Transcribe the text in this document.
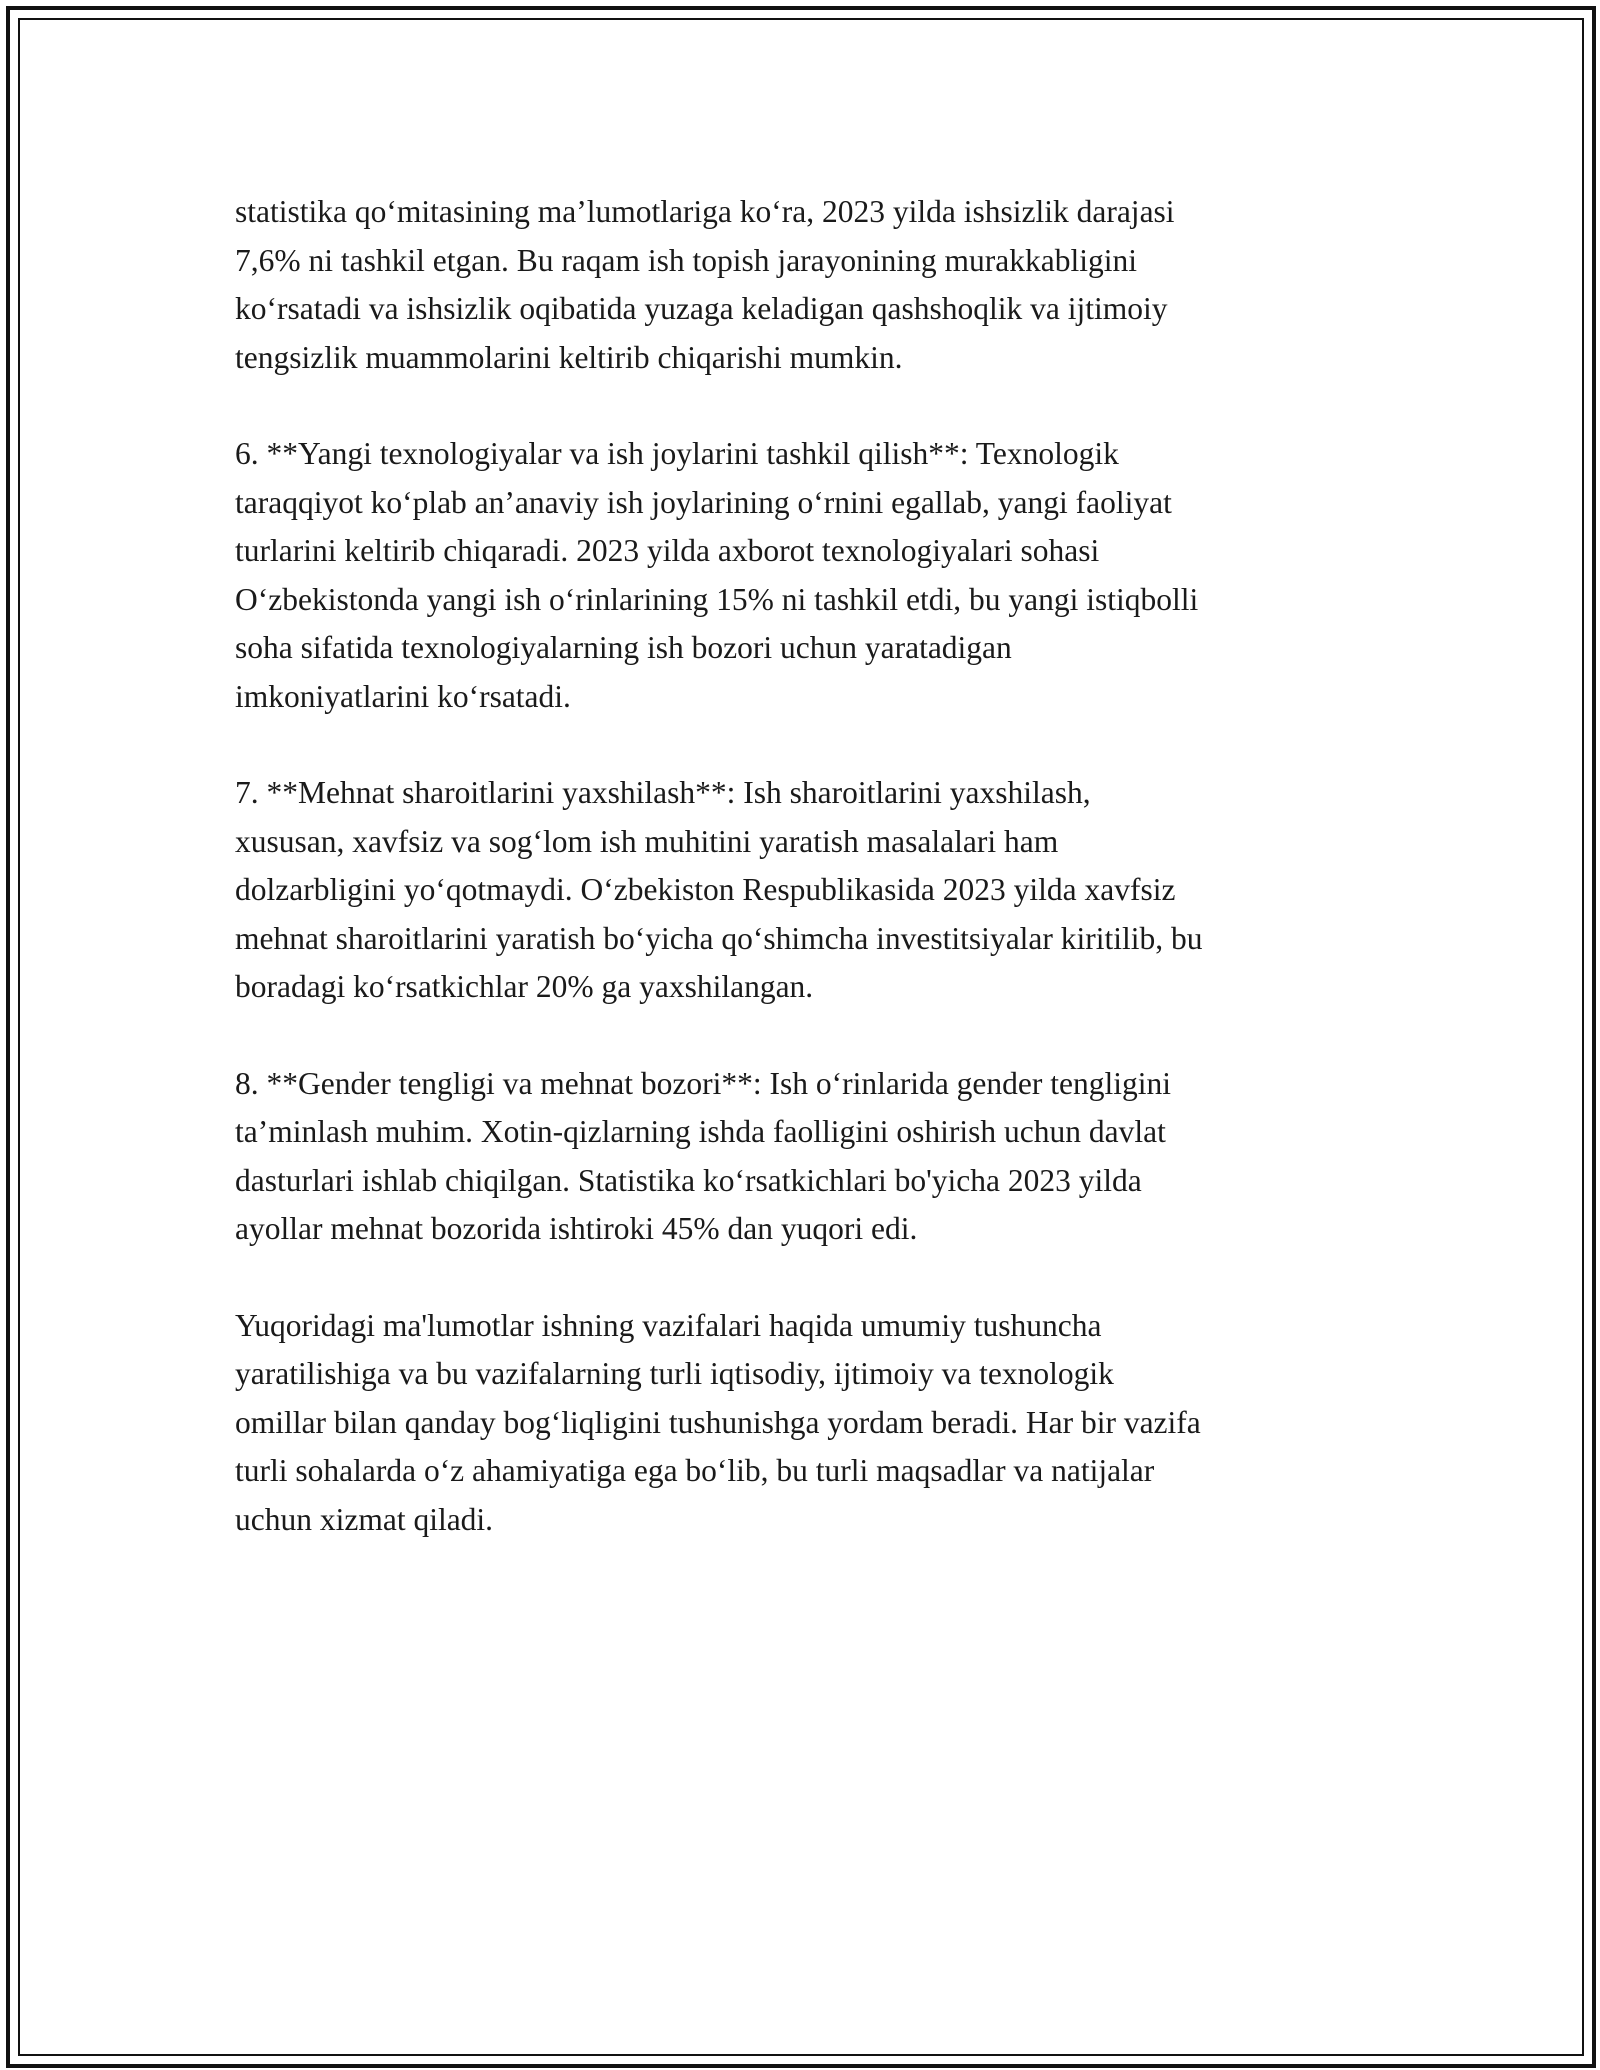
statistika qo‘mitasining ma’lumotlariga ko‘ra, 2023 yilda ishsizlik darajasi
7,6% ni tashkil etgan. Bu raqam ish topish jarayonining murakkabligini
ko‘rsatadi va ishsizlik oqibatida yuzaga keladigan qashshoqlik va ijtimoiy
tengsizlik muammolarini keltirib chiqarishi mumkin.

6. **Yangi texnologiyalar va ish joylarini tashkil qilish**: Texnologik
taraqqiyot ko‘plab an’anaviy ish joylarining o‘rnini egallab, yangi faoliyat
turlarini keltirib chiqaradi. 2023 yilda axborot texnologiyalari sohasi
O‘zbekistonda yangi ish o‘rinlarining 15% ni tashkil etdi, bu yangi istiqbolli
soha sifatida texnologiyalarning ish bozori uchun yaratadigan
imkoniyatlarini ko‘rsatadi.

7. **Mehnat sharoitlarini yaxshilash**: Ish sharoitlarini yaxshilash,
xususan, xavfsiz va sog‘lom ish muhitini yaratish masalalari ham
dolzarbligini yo‘qotmaydi. O‘zbekiston Respublikasida 2023 yilda xavfsiz
mehnat sharoitlarini yaratish bo‘yicha qo‘shimcha investitsiyalar kiritilib, bu
boradagi ko‘rsatkichlar 20% ga yaxshilangan.

8. **Gender tengligi va mehnat bozori**: Ish o‘rinlarida gender tengligini
ta’minlash muhim. Xotin-qizlarning ishda faolligini oshirish uchun davlat
dasturlari ishlab chiqilgan. Statistika ko‘rsatkichlari bo'yicha 2023 yilda
ayollar mehnat bozorida ishtiroki 45% dan yuqori edi.

Yuqoridagi ma'lumotlar ishning vazifalari haqida umumiy tushuncha
yaratilishiga va bu vazifalarning turli iqtisodiy, ijtimoiy va texnologik
omillar bilan qanday bog‘liqligini tushunishga yordam beradi. Har bir vazifa
turli sohalarda o‘z ahamiyatiga ega bo‘lib, bu turli maqsadlar va natijalar
uchun xizmat qiladi.
